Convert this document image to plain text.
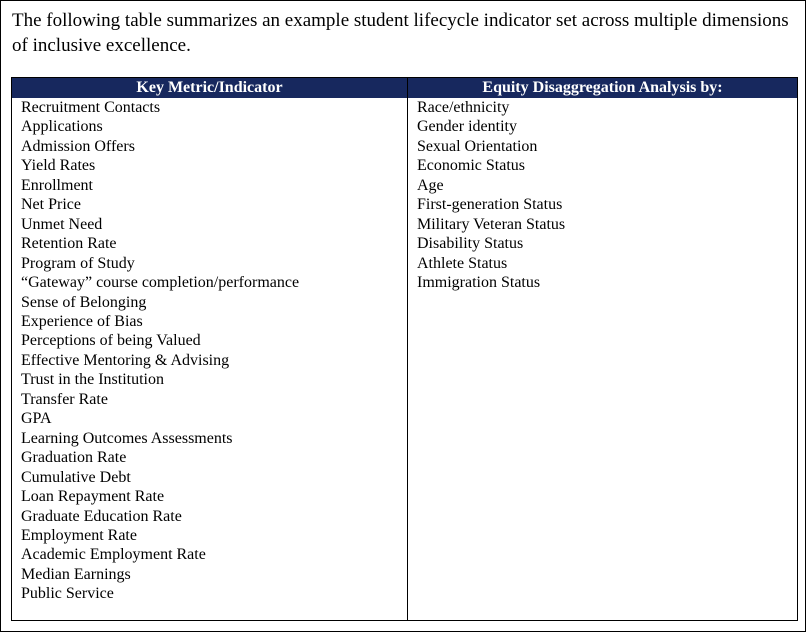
The following table summarizes an example student lifecycle indicator set across multiple dimensions of inclusive excellence.
Key Metric/Indicator
Recruitment Contacts
Applications
Admission Offers
Yield Rates
Enrollment
Net Price
Unmet Need
Retention Rate
Program of Study
“Gateway” course completion/performance
Sense of Belonging
Experience of Bias
Perceptions of being Valued
Effective Mentoring & Advising
Trust in the Institution
Transfer Rate
GPA
Learning Outcomes Assessments
Graduation Rate
Cumulative Debt
Loan Repayment Rate
Graduate Education Rate
Employment Rate
Academic Employment Rate
Median Earnings
Public Service
Equity Disaggregation Analysis by:
Race/ethnicity
Gender identity
Sexual Orientation
Economic Status
Age
First-generation Status
Military Veteran Status
Disability Status
Athlete Status
Immigration Status
